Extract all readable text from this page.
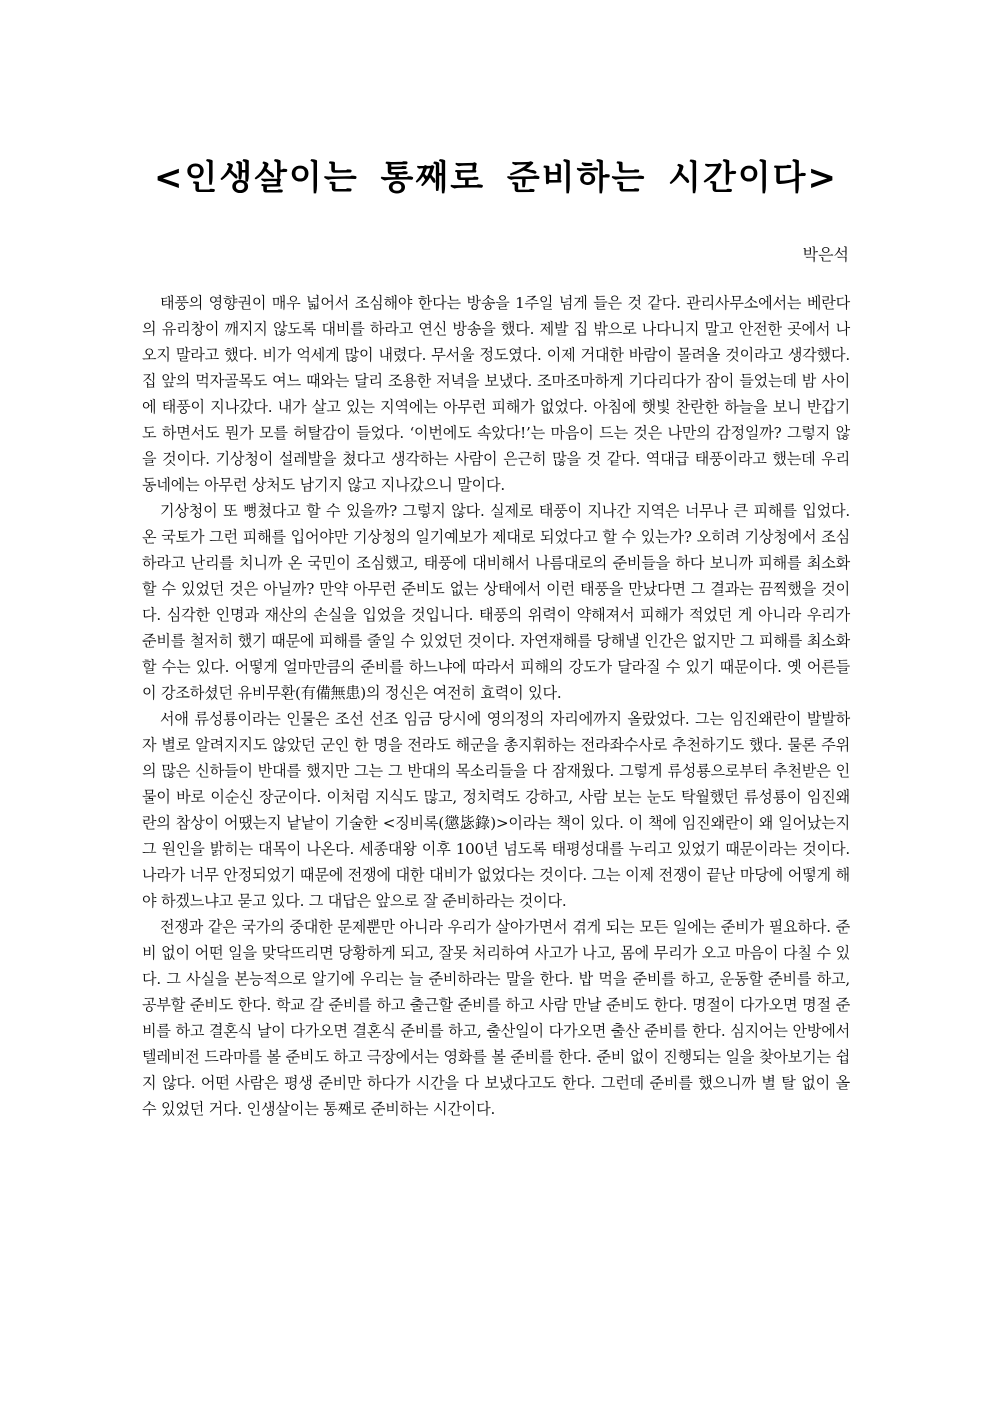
<인생살이는 통째로 준비하는 시간이다>

박은석

태풍의 영향권이 매우 넓어서 조심해야 한다는 방송을 1주일 넘게 들은 것 같다. 관리사무소에서는 베란다의 유리창이 깨지지 않도록 대비를 하라고 연신 방송을 했다. 제발 집 밖으로 나다니지 말고 안전한 곳에서 나오지 말라고 했다. 비가 억세게 많이 내렸다. 무서울 정도였다. 이제 거대한 바람이 몰려올 것이라고 생각했다. 집 앞의 먹자골목도 여느 때와는 달리 조용한 저녁을 보냈다. 조마조마하게 기다리다가 잠이 들었는데 밤 사이에 태풍이 지나갔다. 내가 살고 있는 지역에는 아무런 피해가 없었다. 아침에 햇빛 찬란한 하늘을 보니 반갑기도 하면서도 뭔가 모를 허탈감이 들었다. ‘이번에도 속았다!’는 마음이 드는 것은 나만의 감정일까? 그렇지 않을 것이다. 기상청이 설레발을 쳤다고 생각하는 사람이 은근히 많을 것 같다. 역대급 태풍이라고 했는데 우리 동네에는 아무런 상처도 남기지 않고 지나갔으니 말이다.

기상청이 또 뻥쳤다고 할 수 있을까? 그렇지 않다. 실제로 태풍이 지나간 지역은 너무나 큰 피해를 입었다. 온 국토가 그런 피해를 입어야만 기상청의 일기예보가 제대로 되었다고 할 수 있는가? 오히려 기상청에서 조심하라고 난리를 치니까 온 국민이 조심했고, 태풍에 대비해서 나름대로의 준비들을 하다 보니까 피해를 최소화할 수 있었던 것은 아닐까? 만약 아무런 준비도 없는 상태에서 이런 태풍을 만났다면 그 결과는 끔찍했을 것이다. 심각한 인명과 재산의 손실을 입었을 것입니다. 태풍의 위력이 약해져서 피해가 적었던 게 아니라 우리가 준비를 철저히 했기 때문에 피해를 줄일 수 있었던 것이다. 자연재해를 당해낼 인간은 없지만 그 피해를 최소화할 수는 있다. 어떻게 얼마만큼의 준비를 하느냐에 따라서 피해의 강도가 달라질 수 있기 때문이다. 옛 어른들이 강조하셨던 유비무환(有備無患)의 정신은 여전히 효력이 있다.

서애 류성룡이라는 인물은 조선 선조 임금 당시에 영의정의 자리에까지 올랐었다. 그는 임진왜란이 발발하자 별로 알려지지도 않았던 군인 한 명을 전라도 해군을 총지휘하는 전라좌수사로 추천하기도 했다. 물론 주위의 많은 신하들이 반대를 했지만 그는 그 반대의 목소리들을 다 잠재웠다. 그렇게 류성룡으로부터 추천받은 인물이 바로 이순신 장군이다. 이처럼 지식도 많고, 정치력도 강하고, 사람 보는 눈도 탁월했던 류성룡이 임진왜란의 참상이 어땠는지 낱낱이 기술한 <징비록(懲毖錄)>이라는 책이 있다. 이 책에 임진왜란이 왜 일어났는지 그 원인을 밝히는 대목이 나온다. 세종대왕 이후 100년 넘도록 태평성대를 누리고 있었기 때문이라는 것이다. 나라가 너무 안정되었기 때문에 전쟁에 대한 대비가 없었다는 것이다. 그는 이제 전쟁이 끝난 마당에 어떻게 해야 하겠느냐고 묻고 있다. 그 대답은 앞으로 잘 준비하라는 것이다.

전쟁과 같은 국가의 중대한 문제뿐만 아니라 우리가 살아가면서 겪게 되는 모든 일에는 준비가 필요하다. 준비 없이 어떤 일을 맞닥뜨리면 당황하게 되고, 잘못 처리하여 사고가 나고, 몸에 무리가 오고 마음이 다칠 수 있다. 그 사실을 본능적으로 알기에 우리는 늘 준비하라는 말을 한다. 밥 먹을 준비를 하고, 운동할 준비를 하고, 공부할 준비도 한다. 학교 갈 준비를 하고 출근할 준비를 하고 사람 만날 준비도 한다. 명절이 다가오면 명절 준비를 하고 결혼식 날이 다가오면 결혼식 준비를 하고, 출산일이 다가오면 출산 준비를 한다. 심지어는 안방에서 텔레비전 드라마를 볼 준비도 하고 극장에서는 영화를 볼 준비를 한다. 준비 없이 진행되는 일을 찾아보기는 쉽지 않다. 어떤 사람은 평생 준비만 하다가 시간을 다 보냈다고도 한다. 그런데 준비를 했으니까 별 탈 없이 올 수 있었던 거다. 인생살이는 통째로 준비하는 시간이다.
